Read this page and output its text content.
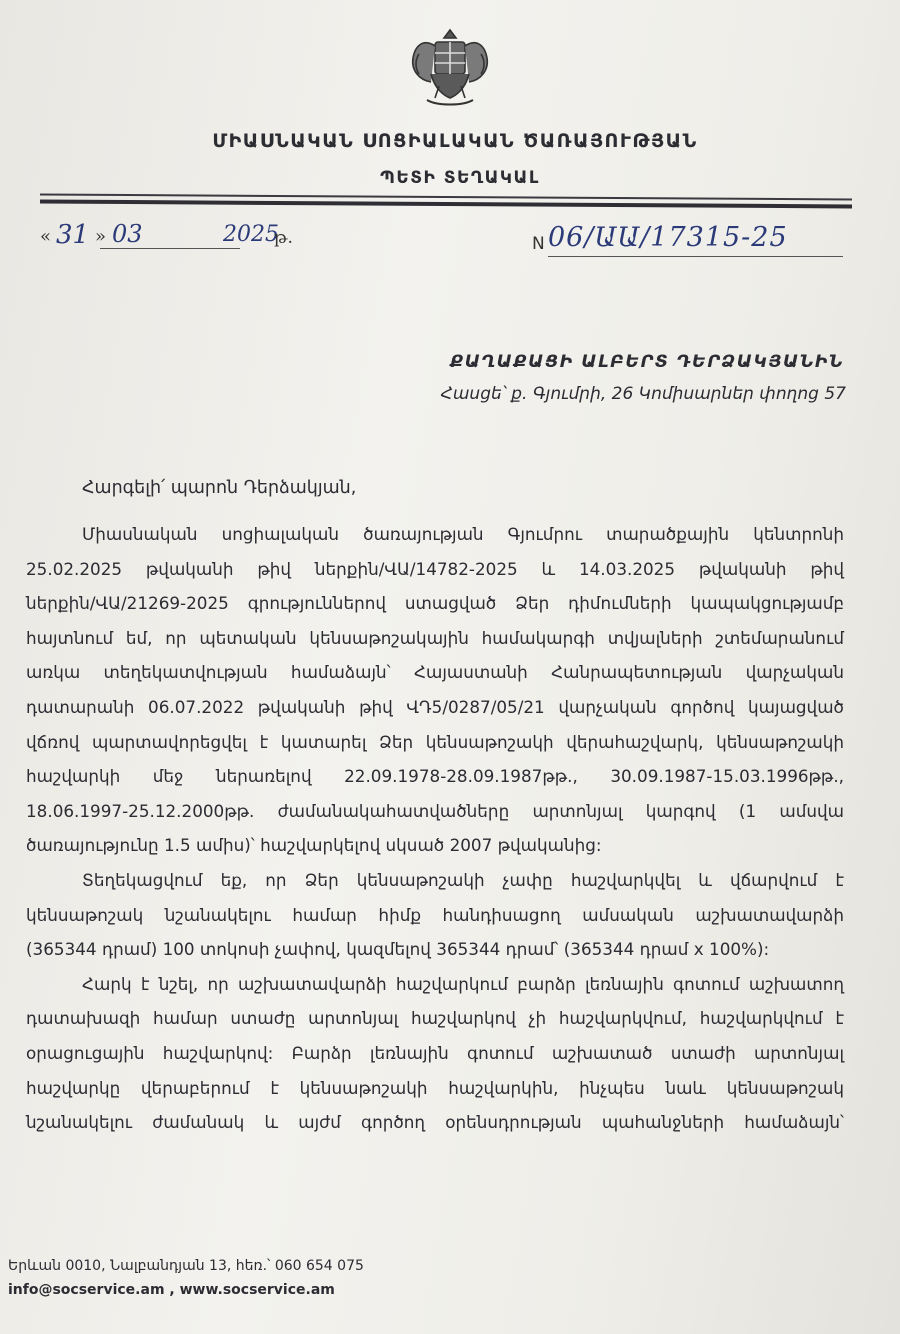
ՄԻԱՍՆԱԿԱՆ ՍՈՑԻԱԼԱԿԱՆ ԾԱՌԱՅՈՒԹՅԱՆ
ՊԵՏԻ ՏԵՂԱԿԱԼ
« 31 » 03	2025
թ.	N 06/ԱԱ/17315-25
ՔԱՂԱՔԱՑԻ ԱԼԲԵՐՏ ԴԵՐՁԱԿՅԱՆԻՆ
Հասցե՝ ք. Գյումրի, 26 Կոմիսարներ փողոց 57
Հարգելի՛ պարոն Դերձակյան,

Միասնական սոցիալական ծառայության Գյումրու տարածքային կենտրոնի

25.02.2025 թվականի թիվ ներքին/ՎԱ/14782-2025 և 14.03.2025 թվականի թիվ

ներքին/ՎԱ/21269-2025 գրություններով ստացված Ձեր դիմումների կապակցությամբ

հայտնում եմ, որ պետական կենսաթոշակային համակարգի տվյալների շտեմարանում

առկա տեղեկատվության համաձայն՝ Հայաստանի Հանրապետության վարչական

դատարանի 06.07.2022 թվականի թիվ ՎԴ5/0287/05/21 վարչական գործով կայացված

վճռով պարտավորեցվել է կատարել Ձեր կենսաթոշակի վերահաշվարկ, կենսաթոշակի

հաշվարկի մեջ ներառելով 22.09.1978-28.09.1987թթ., 30.09.1987-15.03.1996թթ.,

18.06.1997-25.12.2000թթ. ժամանակահատվածները արտոնյալ կարգով (1 ամսվա

ծառայությունը 1.5 ամիս)՝ հաշվարկելով սկսած 2007 թվականից:

Տեղեկացվում եք, որ Ձեր կենսաթոշակի չափը հաշվարկվել և վճարվում է

կենսաթոշակ նշանակելու համար հիմք հանդիսացող ամսական աշխատավարձի

(365344 դրամ) 100 տոկոսի չափով, կազմելով 365344 դրամ՝ (365344 դրամ x 100%):

Հարկ է նշել, որ աշխատավարձի հաշվարկում բարձր լեռնային գոտում աշխատող

դատախազի համար ստաժը արտոնյալ հաշվարկով չի հաշվարկվում, հաշվարկվում է

օրացուցային հաշվարկով: Բարձր լեռնային գոտում աշխատած ստաժի արտոնյալ

հաշվարկը վերաբերում է կենսաթոշակի հաշվարկին, ինչպես նաև կենսաթոշակ

նշանակելու ժամանակ և այժմ գործող օրենսդրության պահանջների համաձայն՝

Երևան 0010, Նալբանդյան 13, հեռ.՝ 060 654 075
info@socservice.am , www.socservice.am
